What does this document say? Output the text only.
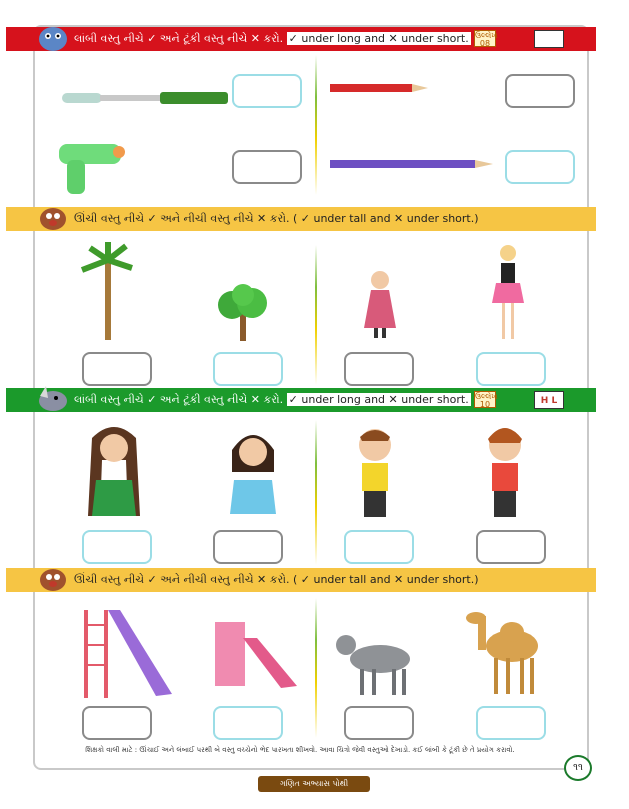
લાંબી વસ્તુ નીચે ✓ અને ટૂંકી વસ્તુ નીચે ✕ કરો. ✓ under long and ✕ under short. ઉલ્લેખ 08	C L
ઊંચી વસ્તુ નીચે ✓ અને નીચી વસ્તુ નીચે ✕ કરો. ( ✓ under tall and ✕ under short.)
લાંબી વસ્તુ નીચે ✓ અને ટૂંકી વસ્તુ નીચે ✕ કરો. ✓ under long and ✕ under short. ઉલ્લેખ 10	H L
ઊંચી વસ્તુ નીચે ✓ અને નીચી વસ્તુ નીચે ✕ કરો. ( ✓ under tall and ✕ under short.)
શિક્ષકો વાલી માટે : ઊંચાઈ અને લંબાઈ પરથી બે વસ્તુ વચ્ચેનો ભેદ પારખતા શીખવો. આવા ચિત્રો જેવી વસ્તુઓ દેખાડો. કઈ લાંબી કે ટૂંકી છે તે પ્રયોગ કરાવો.
૧૧
ગણિત અભ્યાસ પોથી
